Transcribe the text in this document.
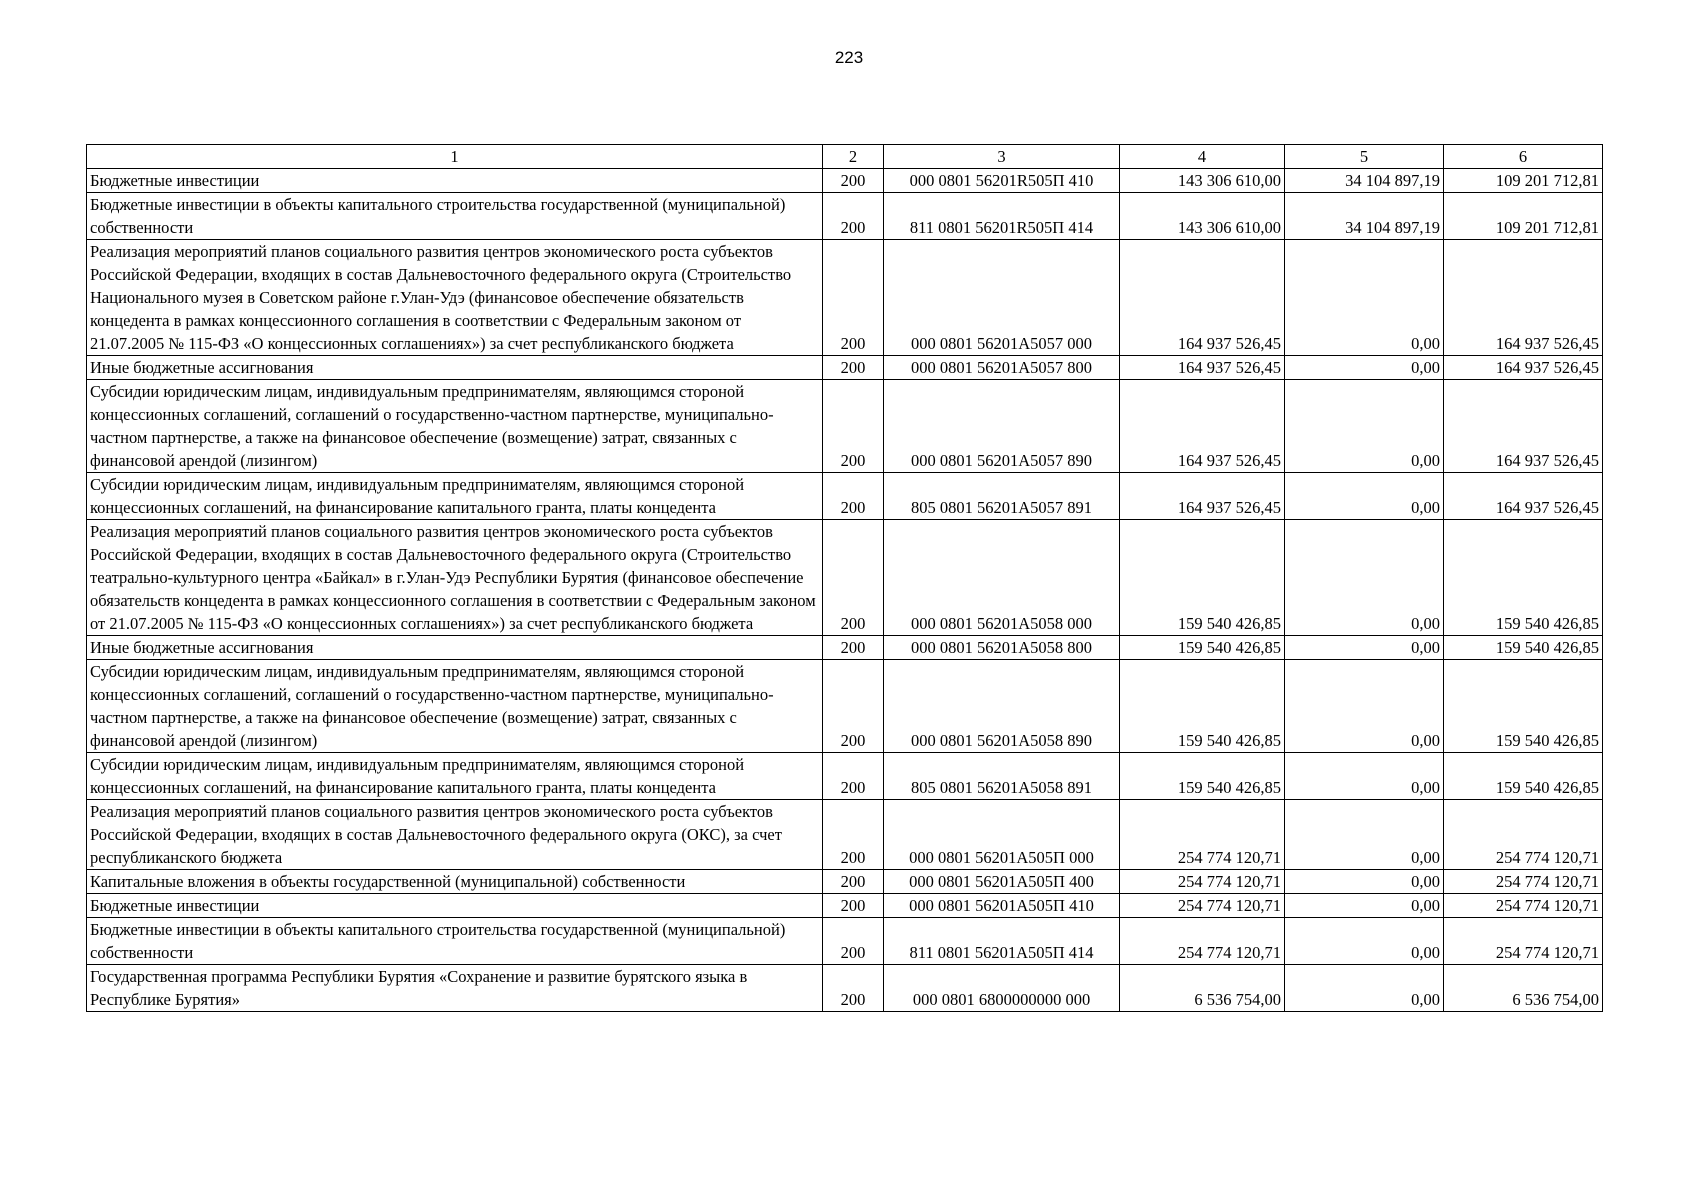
223
1	2	3	4	5	6
Бюджетные инвестиции	200	000 0801 56201R505П 410	143 306 610,00	34 104 897,19	109 201 712,81
Бюджетные инвестиции в объекты капитального строительства государственной (муниципальной) собственности	200	811 0801 56201R505П 414	143 306 610,00	34 104 897,19	109 201 712,81
Реализация мероприятий планов социального развития центров экономического роста субъектов Российской Федерации, входящих в состав Дальневосточного федерального округа (Строительство Национального музея в Советском районе г.Улан-Удэ (финансовое обеспечение обязательств концедента в рамках концессионного соглашения в соответствии с Федеральным законом от 21.07.2005 № 115-ФЗ «О концессионных соглашениях») за счет республиканского бюджета	200	000 0801 56201А5057 000	164 937 526,45	0,00	164 937 526,45
Иные бюджетные ассигнования	200	000 0801 56201А5057 800	164 937 526,45	0,00	164 937 526,45
Субсидии юридическим лицам, индивидуальным предпринимателям, являющимся стороной концессионных соглашений, соглашений о государственно-частном партнерстве, муниципально-частном партнерстве, а также на финансовое обеспечение (возмещение) затрат, связанных с финансовой арендой (лизингом)	200	000 0801 56201А5057 890	164 937 526,45	0,00	164 937 526,45
Субсидии юридическим лицам, индивидуальным предпринимателям, являющимся стороной концессионных соглашений, на финансирование капитального гранта, платы концедента	200	805 0801 56201А5057 891	164 937 526,45	0,00	164 937 526,45
Реализация мероприятий планов социального развития центров экономического роста субъектов Российской Федерации, входящих в состав Дальневосточного федерального округа (Строительство театрально-культурного центра «Байкал» в г.Улан-Удэ Республики Бурятия (финансовое обеспечение обязательств концедента в рамках концессионного соглашения в соответствии с Федеральным законом от 21.07.2005 № 115-ФЗ «О концессионных соглашениях») за счет республиканского бюджета	200	000 0801 56201А5058 000	159 540 426,85	0,00	159 540 426,85
Иные бюджетные ассигнования	200	000 0801 56201А5058 800	159 540 426,85	0,00	159 540 426,85
Субсидии юридическим лицам, индивидуальным предпринимателям, являющимся стороной концессионных соглашений, соглашений о государственно-частном партнерстве, муниципально-частном партнерстве, а также на финансовое обеспечение (возмещение) затрат, связанных с финансовой арендой (лизингом)	200	000 0801 56201А5058 890	159 540 426,85	0,00	159 540 426,85
Субсидии юридическим лицам, индивидуальным предпринимателям, являющимся стороной концессионных соглашений, на финансирование капитального гранта, платы концедента	200	805 0801 56201А5058 891	159 540 426,85	0,00	159 540 426,85
Реализация мероприятий планов социального развития центров экономического роста субъектов Российской Федерации, входящих в состав Дальневосточного федерального округа (ОКС), за счет республиканского бюджета	200	000 0801 56201А505П 000	254 774 120,71	0,00	254 774 120,71
Капитальные вложения в объекты государственной (муниципальной) собственности	200	000 0801 56201А505П 400	254 774 120,71	0,00	254 774 120,71
Бюджетные инвестиции	200	000 0801 56201А505П 410	254 774 120,71	0,00	254 774 120,71
Бюджетные инвестиции в объекты капитального строительства государственной (муниципальной) собственности	200	811 0801 56201А505П 414	254 774 120,71	0,00	254 774 120,71
Государственная программа Республики Бурятия «Сохранение и развитие бурятского языка в Республике Бурятия»	200	000 0801 6800000000 000	6 536 754,00	0,00	6 536 754,00
